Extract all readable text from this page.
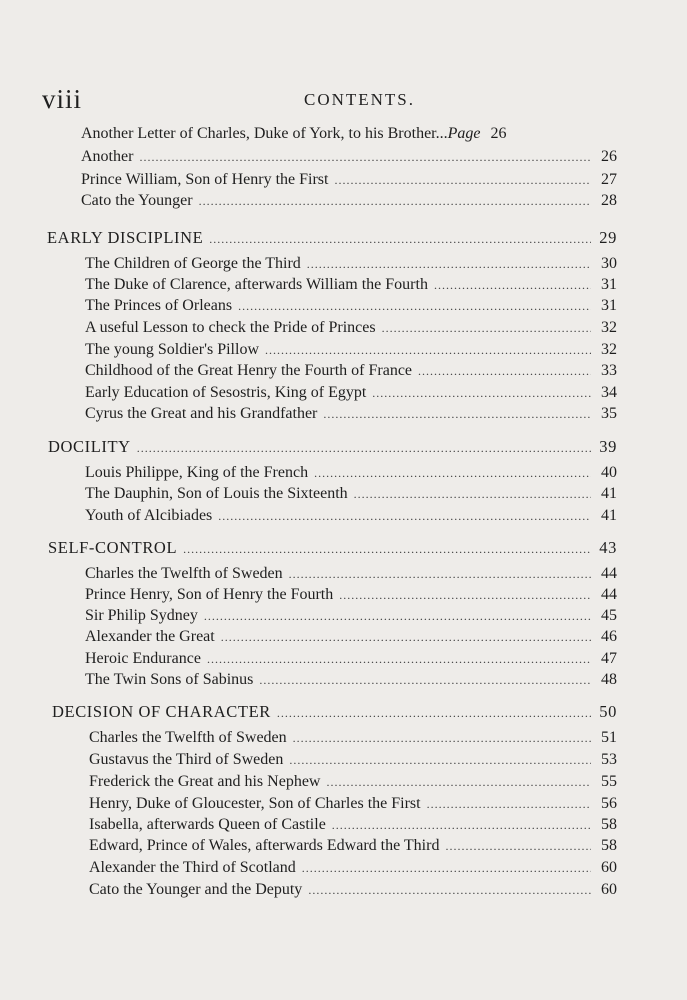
viii	CONTENTS.
Another Letter of Charles, Duke of York, to his Brother... Page 26
Another .....	26
Prince William, Son of Henry the First .....	27
Cato the Younger .....	28
EARLY DISCIPLINE .....	29
The Children of George the Third .....	30
The Duke of Clarence, afterwards William the Fourth .....	31
The Princes of Orleans .....	31
A useful Lesson to check the Pride of Princes .....	32
The young Soldier's Pillow .....	32
Childhood of the Great Henry the Fourth of France .....	33
Early Education of Sesostris, King of Egypt .....	34
Cyrus the Great and his Grandfather .....	35
DOCILITY .....	39
Louis Philippe, King of the French .....	40
The Dauphin, Son of Louis the Sixteenth .....	41
Youth of Alcibiades .....	41
SELF-CONTROL .....	43
Charles the Twelfth of Sweden .....	44
Prince Henry, Son of Henry the Fourth .....	44
Sir Philip Sydney .....	45
Alexander the Great .....	46
Heroic Endurance .....	47
The Twin Sons of Sabinus .....	48
DECISION OF CHARACTER .....	50
Charles the Twelfth of Sweden .....	51
Gustavus the Third of Sweden .....	53
Frederick the Great and his Nephew .....	55
Henry, Duke of Gloucester, Son of Charles the First .....	56
Isabella, afterwards Queen of Castile .....	58
Edward, Prince of Wales, afterwards Edward the Third .....	58
Alexander the Third of Scotland .....	60
Cato the Younger and the Deputy .....	60
